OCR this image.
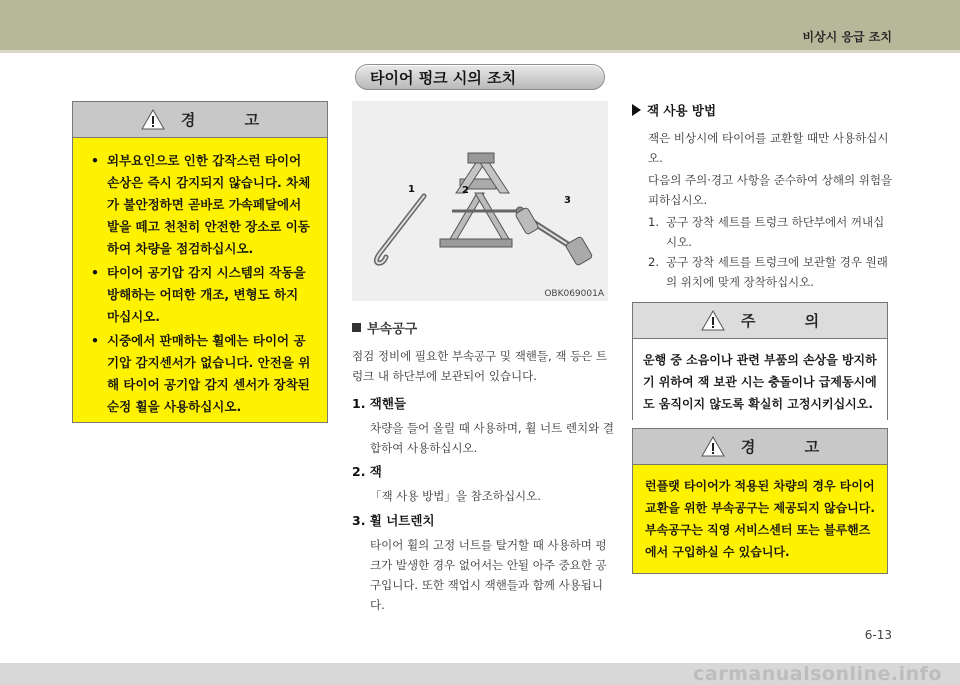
비상시 응급 조치
타이어 펑크 시의 조치
경 고
• 외부요인으로 인한 갑작스런 타이어 손상은 즉시 감지되지 않습니다. 차체가 불안정하면 곧바로 가속페달에서 발을 떼고 천천히 안전한 장소로 이동하여 차량을 점검하십시오.
• 타이어 공기압 감지 시스템의 작동을 방해하는 어떠한 개조, 변형도 하지 마십시오.
• 시중에서 판매하는 휠에는 타이어 공기압 감지센서가 없습니다. 안전을 위해 타이어 공기압 감지 센서가 장착된 순정 휠을 사용하십시오.
1	2
3
OBK069001A
부속공구
점검 정비에 필요한 부속공구 및 잭핸들, 잭 등은 트렁크 내 하단부에 보관되어 있습니다.
1. 잭핸들
차량을 들어 올릴 때 사용하며, 휠 너트 렌치와 결합하여 사용하십시오.
2. 잭
「잭 사용 방법」을 참조하십시오.
3. 휠 너트렌치
타이어 휠의 고정 너트를 탈거할 때 사용하며 펑크가 발생한 경우 없어서는 안될 아주 중요한 공구입니다. 또한 잭업시 잭핸들과 함께 사용됩니다.
잭 사용 방법
잭은 비상시에 타이어를 교환할 때만 사용하십시오.
다음의 주의·경고 사항을 준수하여 상해의 위험을 피하십시오.
1. 공구 장착 세트를 트렁크 하단부에서 꺼내십시오.
2. 공구 장착 세트를 트렁크에 보관할 경우 원래의 위치에 맞게 장착하십시오.
주 의
운행 중 소음이나 관련 부품의 손상을 방지하기 위하여 잭 보관 시는 충돌이나 급제동시에도 움직이지 않도록 확실히 고정시키십시오.
경 고
런플랫 타이어가 적용된 차량의 경우 타이어 교환을 위한 부속공구는 제공되지 않습니다. 부속공구는 직영 서비스센터 또는 블루핸즈에서 구입하실 수 있습니다.
6-13
carmanualsonline.info
